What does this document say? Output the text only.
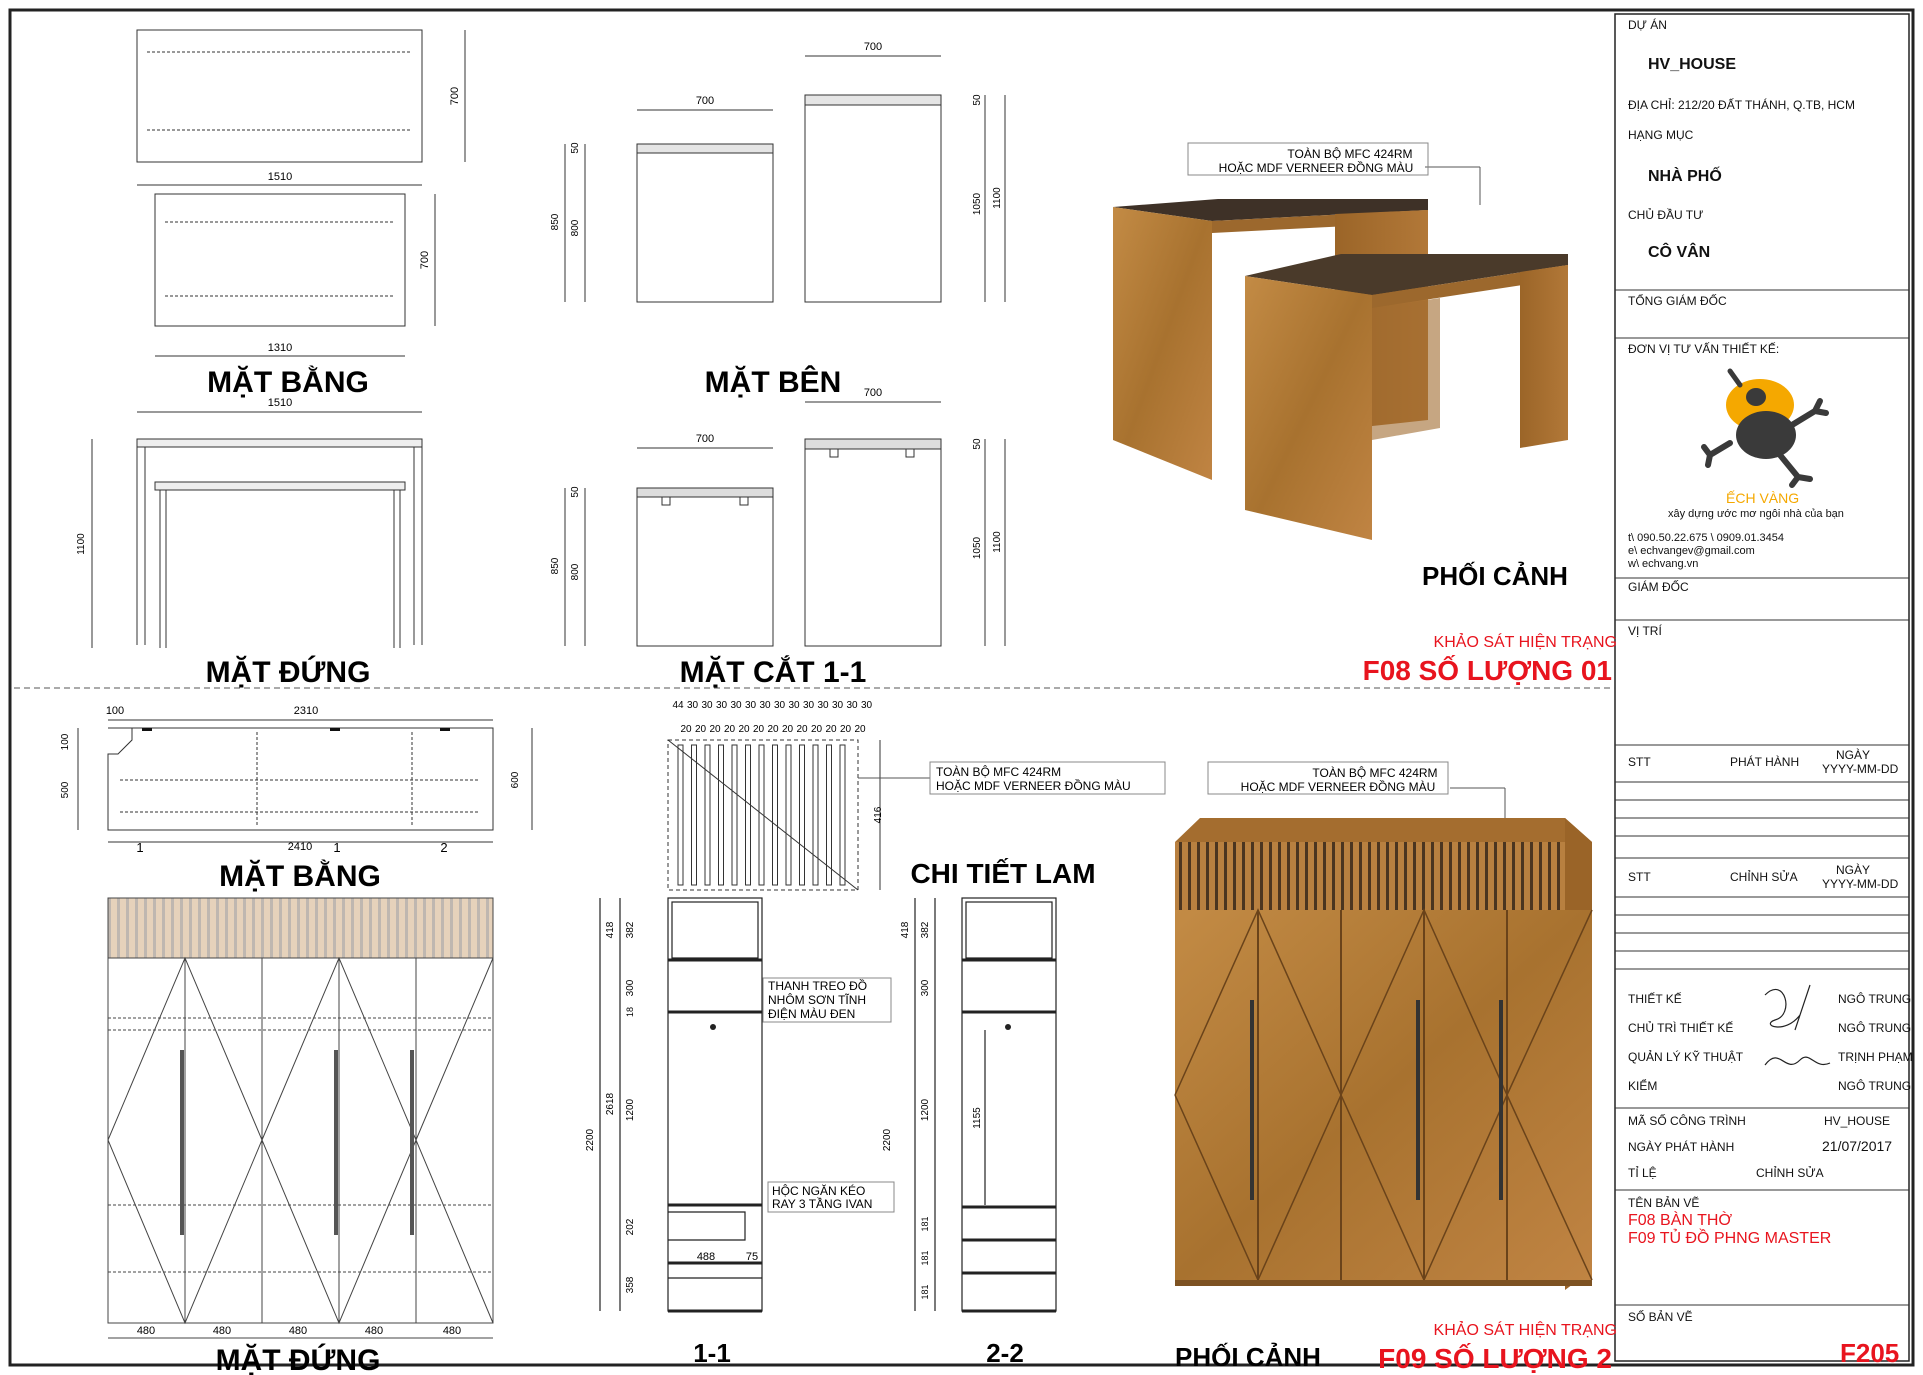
1510
1310
700
700
MẶT BẰNG
700
700
50
800
850
50
1050 1100
MẶT BÊN
1510
1100
MẶT ĐỨNG
700
700
50
800
850
50
1050 1100
MẶT CẮT 1-1
TOÀN BỘ MFC 424RM
HOẶC MDF VERNEER ĐỒNG MÀU
PHỐI CẢNH
KHẢO SÁT HIỆN TRẠNG
F08 SỐ LƯỢNG 01
100	2310
2410
1	1	2
100
500
600
MẶT BẰNG
480	480	480	480	480
MẶT ĐỨNG
416
44 30 30 30 30 30 30 30 30 30 30 30 30 30
20 20 20 20 20 20 20 20 20 20 20 20 20
TOÀN BỘ MFC 424RM
HOẶC MDF VERNEER ĐỒNG MÀU
CHI TIẾT LAM
418 382
300
1200
2618
2200
202
358
18
488	75
THANH TREO ĐỒ
NHÔM SƠN TĨNH
ĐIỆN MÀU ĐEN
HỘC NGĂN KÉO
RAY 3 TẦNG IVAN
1-1
418 382
300
1200
2200
1155
181
181
181
2-2
TOÀN BỘ MFC 424RM
HOẶC MDF VERNEER ĐỒNG MÀU
PHỐI CẢNH
KHẢO SÁT HIỆN TRẠNG
F09 SỐ LƯỢNG 2
DỰ ÁN
HV_HOUSE
ĐỊA CHỈ: 212/20 ĐẤT THÁNH, Q.TB, HCM
HẠNG MỤC
NHÀ PHỐ
CHỦ ĐẦU TƯ
CÔ VÂN
TỔNG GIÁM ĐỐC
ĐƠN VỊ TƯ VẤN THIẾT KẾ:
ẾCH VÀNG
xây dựng ước mơ ngôi nhà của bạn
t\ 090.50.22.675 \ 0909.01.3454
e\ echvangev@gmail.com
w\ echvang.vn
GIÁM ĐỐC
VỊ TRÍ
STT	PHÁT HÀNH	NGÀY
YYYY-MM-DD
STT	CHỈNH SỬA	NGÀY
YYYY-MM-DD
THIẾT KẾ	NGÔ TRUNG
CHỦ TRÌ THIẾT KẾ	NGÔ TRUNG
QUẢN LÝ KỸ THUẬT	TRỊNH PHẠM
KIỂM	NGÔ TRUNG
MÃ SỐ CÔNG TRÌNH	HV_HOUSE
NGÀY PHÁT HÀNH	21/07/2017
TỈ LỆ	CHỈNH SỬA
TÊN BẢN VẼ
F08 BÀN THỜ
F09 TỦ ĐỒ PHNG MASTER
SỐ BẢN VẼ
F205
